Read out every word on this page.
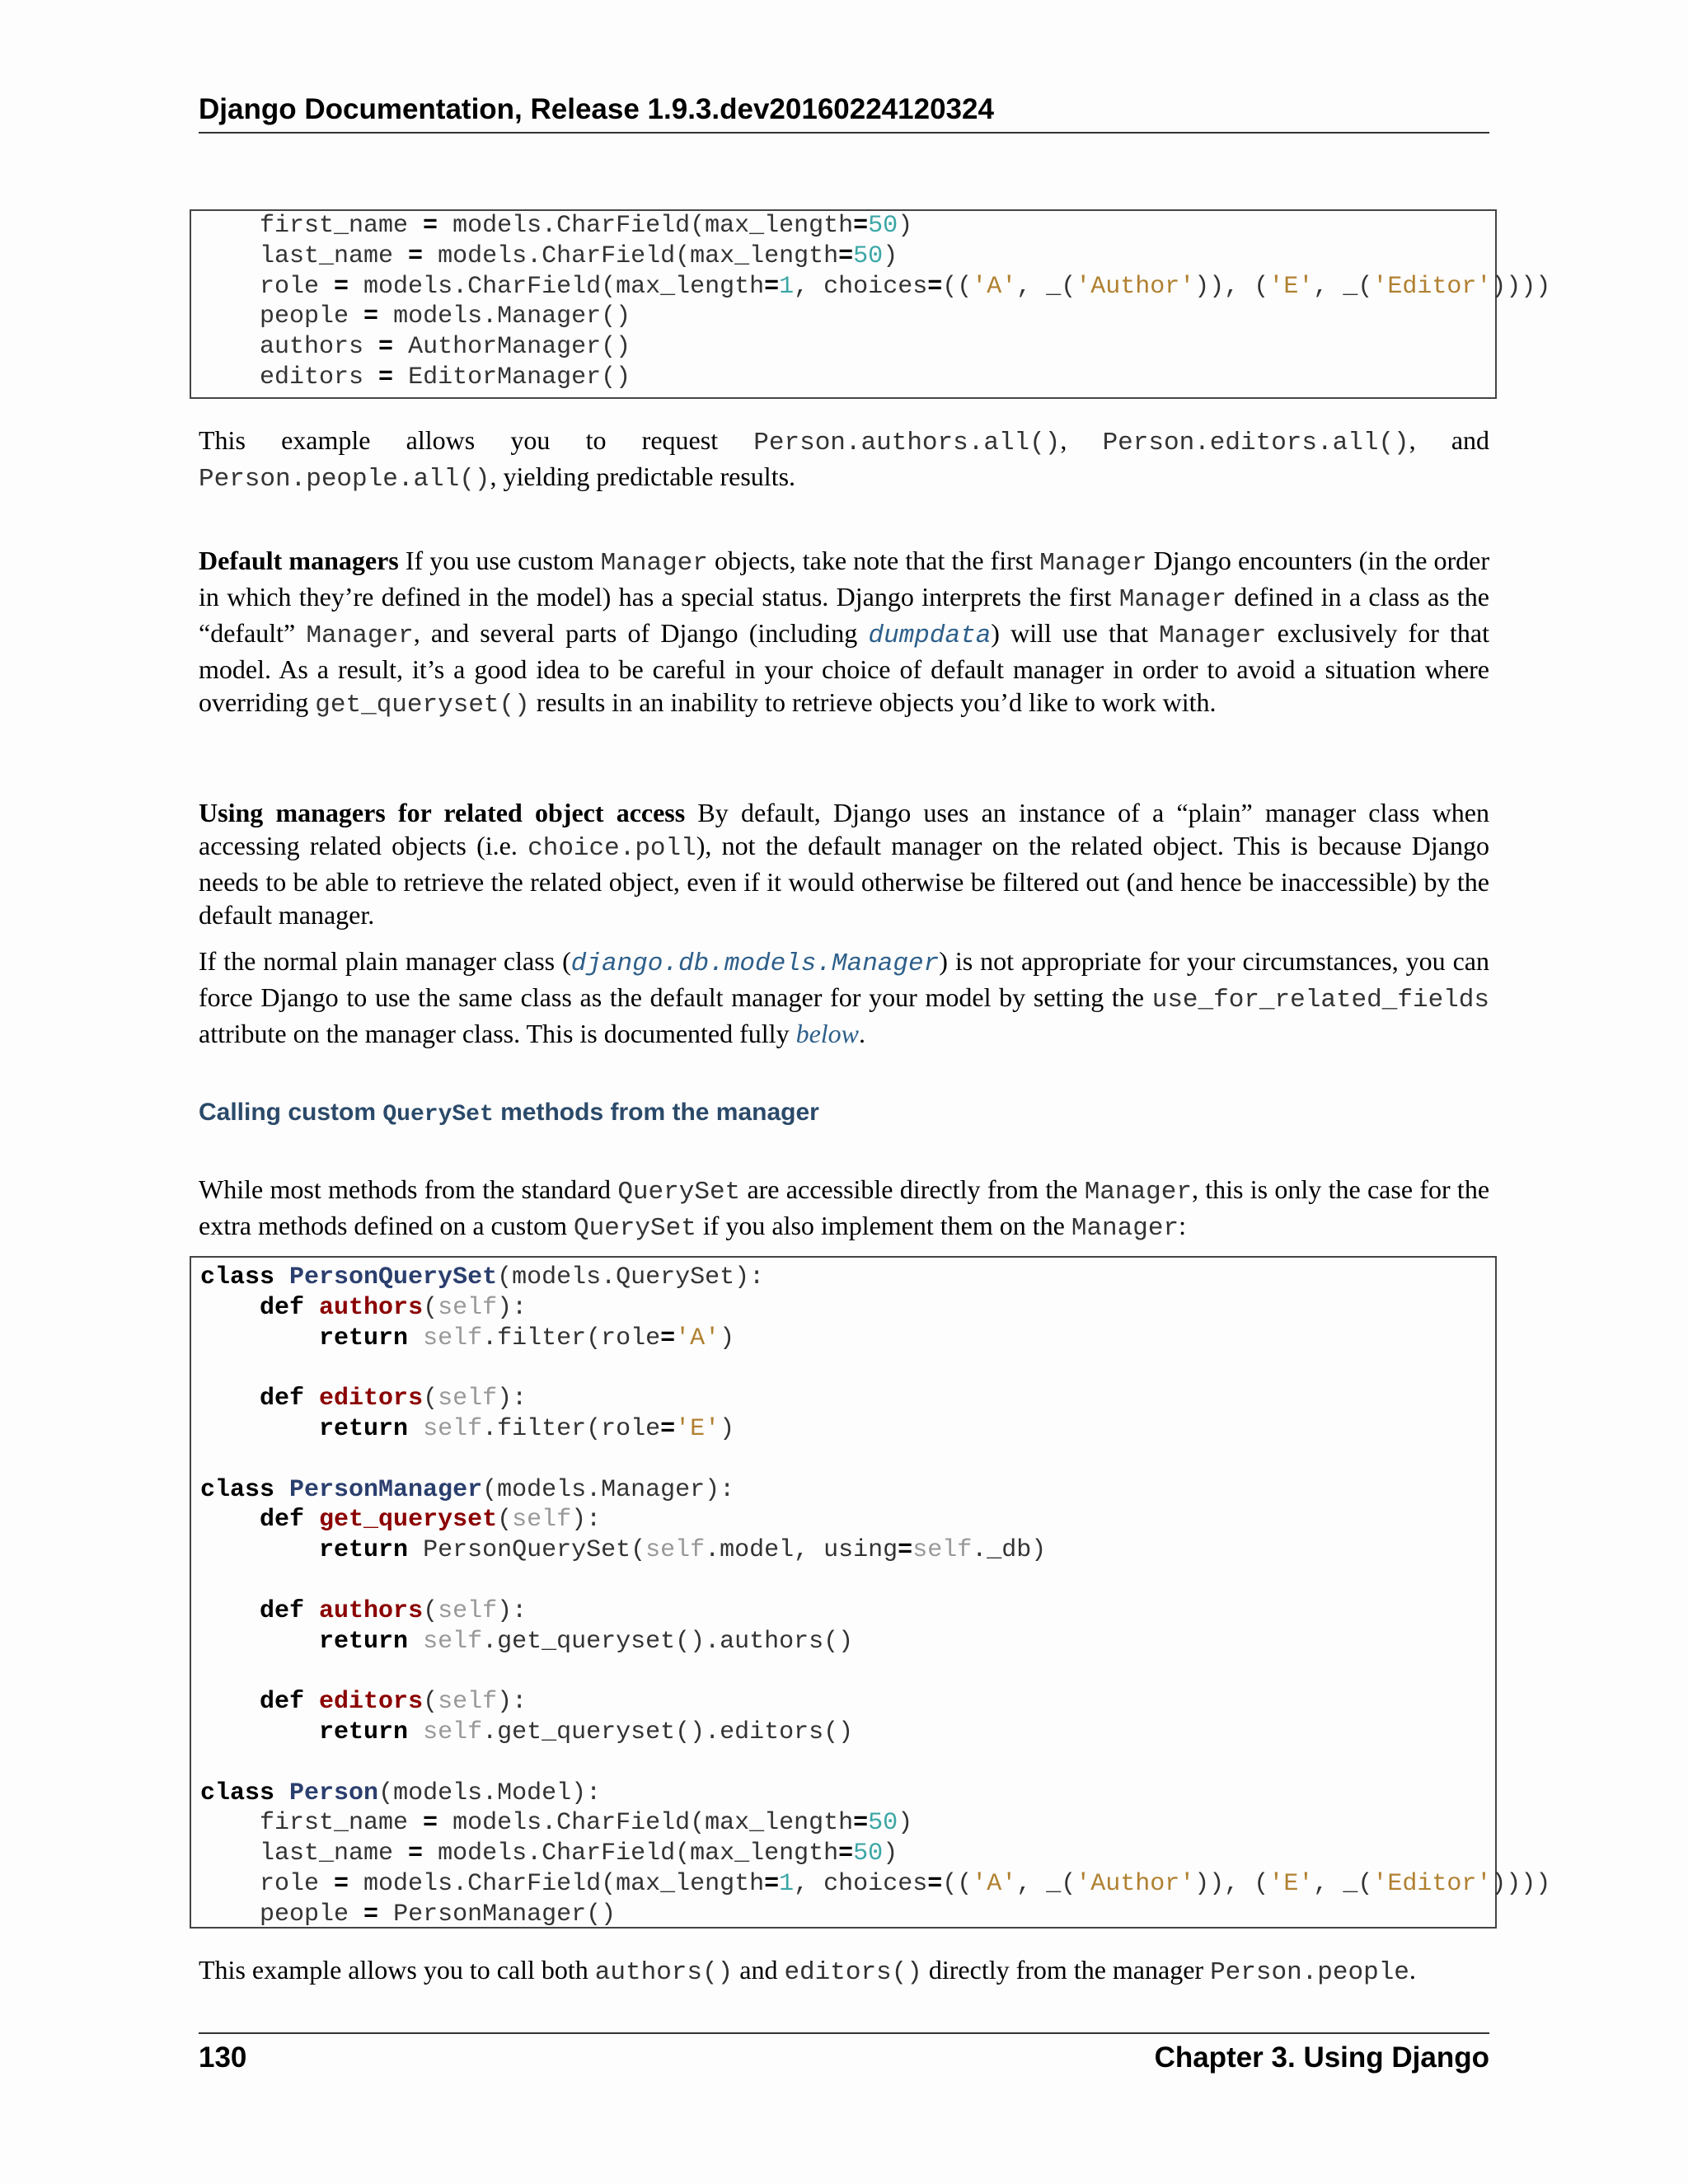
Django Documentation, Release 1.9.3.dev20160224120324
first_name = models.CharField(max_length=50)
last_name = models.CharField(max_length=50)
role = models.CharField(max_length=1, choices=(('A', _('Author')), ('E', _('Editor'))))
people = models.Manager()
authors = AuthorManager()
editors = EditorManager()
This example allows you to request Person.authors.all(), Person.editors.all(), and Person.people.all(), yielding predictable results.
Default managers If you use custom Manager objects, take note that the first Manager Django encounters (in the order in which they’re defined in the model) has a special status. Django interprets the first Manager defined in a class as the “default” Manager, and several parts of Django (including dumpdata) will use that Manager exclusively for that model. As a result, it’s a good idea to be careful in your choice of default manager in order to avoid a situation where overriding get_queryset() results in an inability to retrieve objects you’d like to work with.
Using managers for related object access By default, Django uses an instance of a “plain” manager class when accessing related objects (i.e. choice.poll), not the default manager on the related object. This is because Django needs to be able to retrieve the related object, even if it would otherwise be filtered out (and hence be inaccessible) by the default manager.
If the normal plain manager class (django.db.models.Manager) is not appropriate for your circumstances, you can force Django to use the same class as the default manager for your model by setting the use_for_related_fields attribute on the manager class. This is documented fully below.
Calling custom QuerySet methods from the manager
While most methods from the standard QuerySet are accessible directly from the Manager, this is only the case for the extra methods defined on a custom QuerySet if you also implement them on the Manager:
class PersonQuerySet(models.QuerySet):
def authors(self):
return self.filter(role='A')

def editors(self):
return self.filter(role='E')

class PersonManager(models.Manager):
def get_queryset(self):
return PersonQuerySet(self.model, using=self._db)

def authors(self):
return self.get_queryset().authors()

def editors(self):
return self.get_queryset().editors()

class Person(models.Model):
first_name = models.CharField(max_length=50)
last_name = models.CharField(max_length=50)
role = models.CharField(max_length=1, choices=(('A', _('Author')), ('E', _('Editor'))))
people = PersonManager()
This example allows you to call both authors() and editors() directly from the manager Person.people.
130	Chapter 3. Using Django
